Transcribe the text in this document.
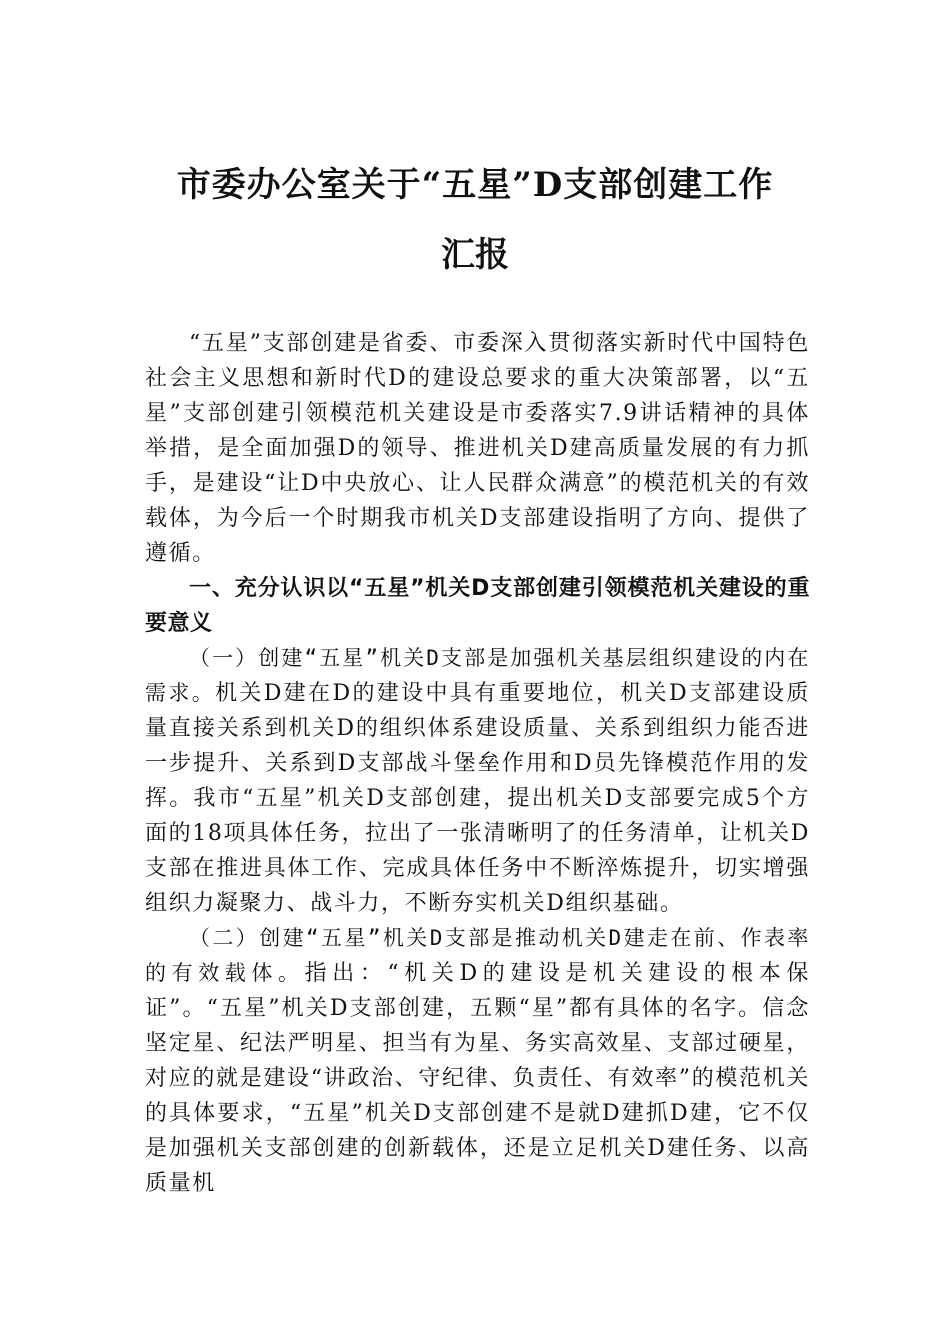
市委办公室关于“五星”D支部创建工作
汇报

“五星”支部创建是省委、市委深入贯彻落实新时代中国特色社会主义思想和新时代D的建设总要求的重大决策部署，以“五星”支部创建引领模范机关建设是市委落实7.9讲话精神的具体举措，是全面加强D的领导、推进机关D建高质量发展的有力抓手，是建设“让D中央放心、让人民群众满意”的模范机关的有效载体，为今后一个时期我市机关D支部建设指明了方向、提供了遵循。

一、充分认识以“五星”机关D支部创建引领模范机关建设的重要意义

（一）创建“五星”机关D支部是加强机关基层组织建设的内在需求。机关D建在D的建设中具有重要地位，机关D支部建设质量直接关系到机关D的组织体系建设质量、关系到组织力能否进一步提升、关系到D支部战斗堡垒作用和D员先锋模范作用的发挥。我市“五星”机关D支部创建，提出机关D支部要完成5个方面的18项具体任务，拉出了一张清晰明了的任务清单，让机关D支部在推进具体工作、完成具体任务中不断淬炼提升，切实增强组织力凝聚力、战斗力，不断夯实机关D组织基础。

（二）创建“五星”机关D支部是推动机关D建走在前、作表率的有效载体。指出：“机关D的建设是机关建设的根本保证”。“五星”机关D支部创建，五颗“星”都有具体的名字。信念坚定星、纪法严明星、担当有为星、务实高效星、支部过硬星，对应的就是建设“讲政治、守纪律、负责任、有效率”的模范机关的具体要求，“五星”机关D支部创建不是就D建抓D建，它不仅是加强机关支部创建的创新载体，还是立足机关D建任务、以高质量机
